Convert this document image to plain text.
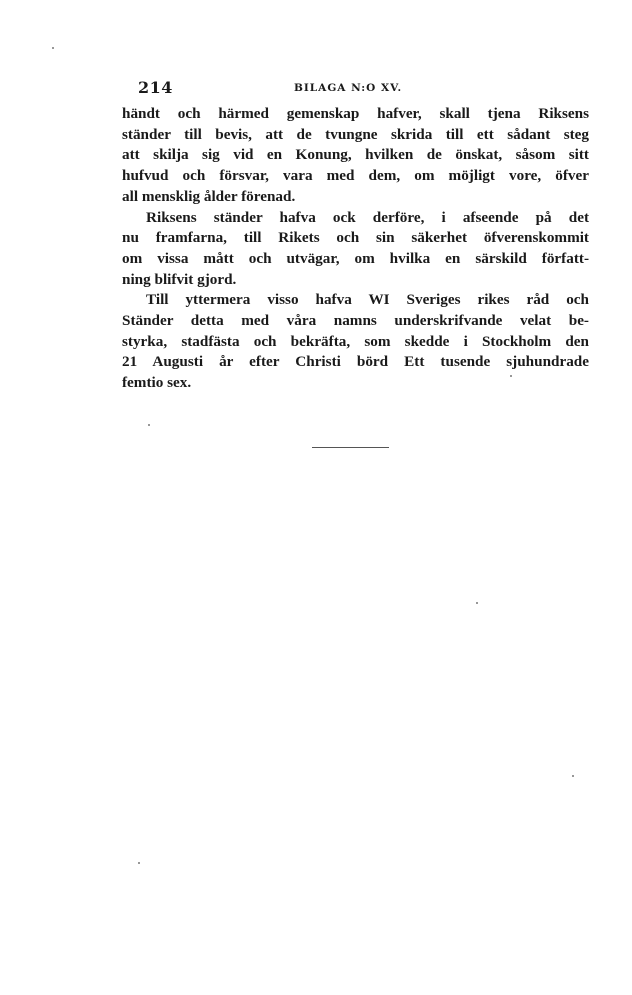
214	BILAGA N:O XV.
händt och härmed gemenskap hafver, skall tjena Riksens
ständer till bevis, att de tvungne skrida till ett sådant steg
att skilja sig vid en Konung, hvilken de önskat, såsom sitt
hufvud och försvar, vara med dem, om möjligt vore, öfver
all mensklig ålder förenad.
Riksens ständer hafva ock derföre, i afseende på det
nu framfarna, till Rikets och sin säkerhet öfverenskommit
om vissa mått och utvägar, om hvilka en särskild författ-
ning blifvit gjord.
Till yttermera visso hafva WI Sveriges rikes råd och
Ständer detta med våra namns underskrifvande velat be-
styrka, stadfästa och bekräfta, som skedde i Stockholm den
21 Augusti år efter Christi börd Ett tusende sjuhundrade
femtio sex.
